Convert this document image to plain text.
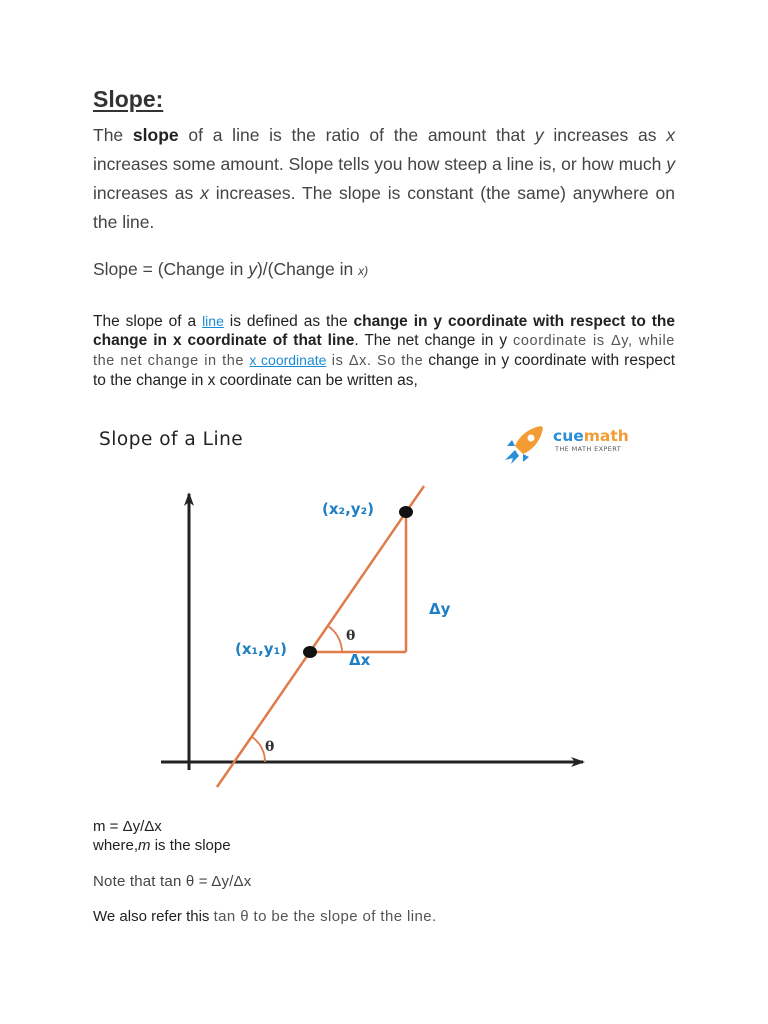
Slope:
The slope of a line is the ratio of the amount that y increases as x increases some amount. Slope tells you how steep a line is, or how much y increases as x increases. The slope is constant (the same) anywhere on the line.
Slope = (Change in y)/(Change in x)
The slope of a line is defined as the change in y coordinate with respect to the change in x coordinate of that line. The net change in y coordinate is Δy, while the net change in the x coordinate is Δx. So the change in y coordinate with respect to the change in x coordinate can be written as,
Slope of a Line	cuemath
THE MATH EXPERT
(x₂,y₂)
(x₁,y₁)
Δy
Δx
θ
θ
m = Δy/Δx
where,m is the slope
Note that tan θ = Δy/Δx
We also refer this tan θ to be the slope of the line.
